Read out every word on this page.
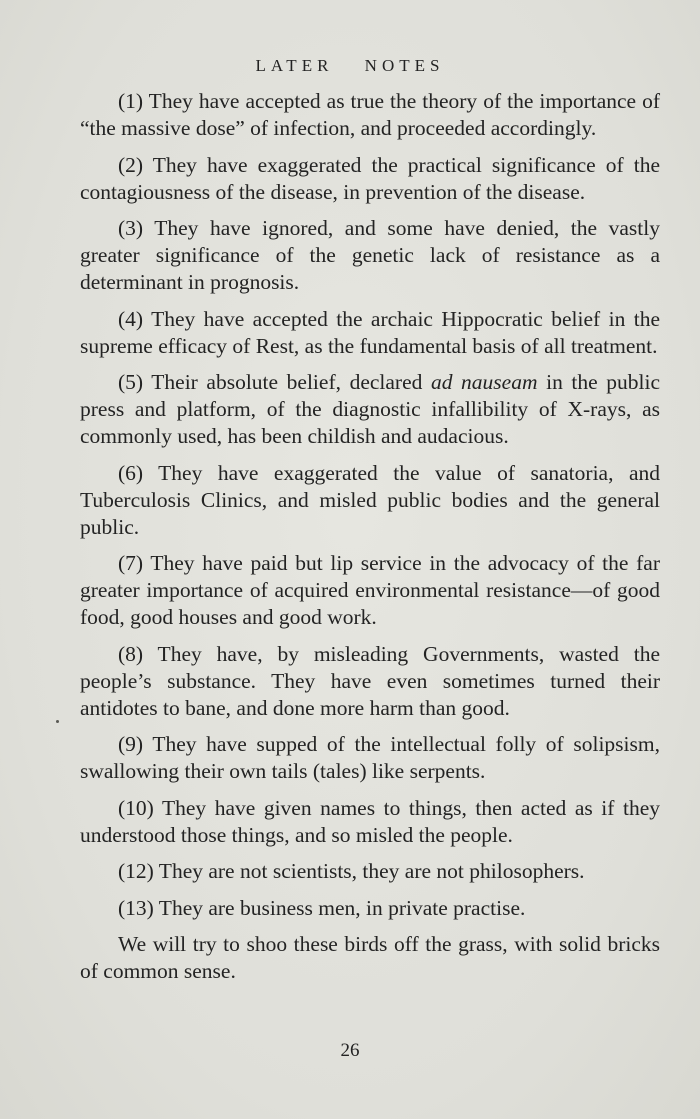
LATER NOTES

(1) They have accepted as true the theory of the importance of “the massive dose” of infection, and proceeded accordingly.

(2) They have exaggerated the practical significance of the contagiousness of the disease, in prevention of the disease.

(3) They have ignored, and some have denied, the vastly greater significance of the genetic lack of resistance as a determinant in prognosis.

(4) They have accepted the archaic Hippocratic belief in the supreme efficacy of Rest, as the fundamental basis of all treatment.

(5) Their absolute belief, declared ad nauseam in the public press and platform, of the diagnostic infallibility of X-rays, as commonly used, has been childish and audacious.

(6) They have exaggerated the value of sanatoria, and Tuberculosis Clinics, and misled public bodies and the general public.

(7) They have paid but lip service in the advocacy of the far greater importance of acquired environmental resistance—of good food, good houses and good work.

(8) They have, by misleading Governments, wasted the people’s substance. They have even sometimes turned their antidotes to bane, and done more harm than good.

(9) They have supped of the intellectual folly of solipsism, swallowing their own tails (tales) like serpents.

(10) They have given names to things, then acted as if they understood those things, and so misled the people.

(12) They are not scientists, they are not philosophers.

(13) They are business men, in private practise.

We will try to shoo these birds off the grass, with solid bricks of common sense.

26
